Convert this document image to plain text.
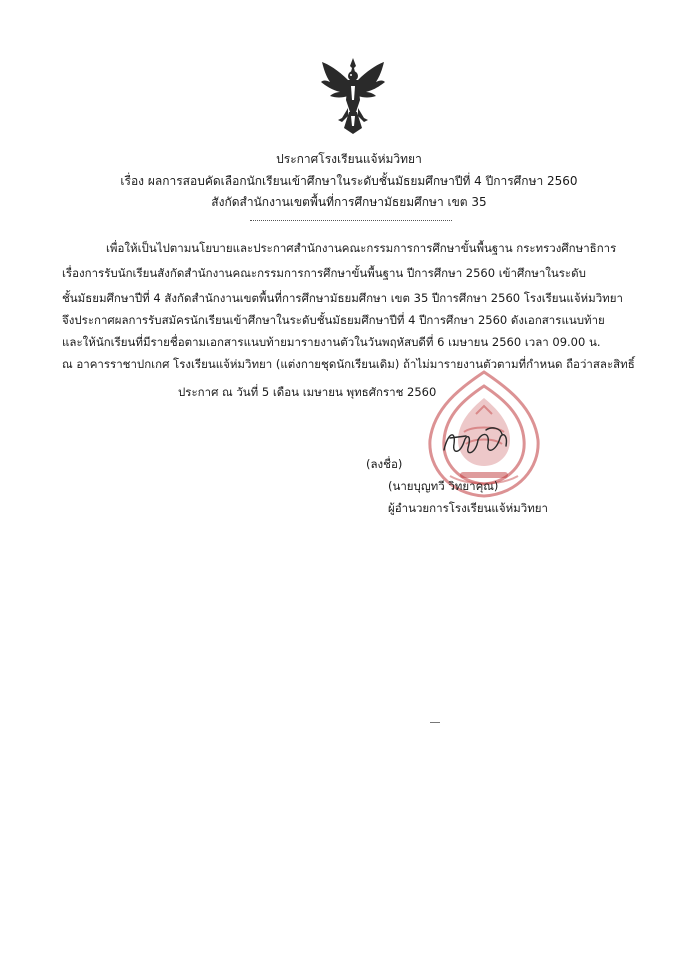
ประกาศโรงเรียนแจ้ห่มวิทยา
เรื่อง ผลการสอบคัดเลือกนักเรียนเข้าศึกษาในระดับชั้นมัธยมศึกษาปีที่ 4 ปีการศึกษา 2560
สังกัดสำนักงานเขตพื้นที่การศึกษามัธยมศึกษา เขต 35
เพื่อให้เป็นไปตามนโยบายและประกาศสำนักงานคณะกรรมการการศึกษาขั้นพื้นฐาน กระทรวงศึกษาธิการ
เรื่องการรับนักเรียนสังกัดสำนักงานคณะกรรมการการศึกษาขั้นพื้นฐาน ปีการศึกษา 2560 เข้าศึกษาในระดับ
ชั้นมัธยมศึกษาปีที่ 4 สังกัดสำนักงานเขตพื้นที่การศึกษามัธยมศึกษา เขต 35 ปีการศึกษา 2560 โรงเรียนแจ้ห่มวิทยา
จึงประกาศผลการรับสมัครนักเรียนเข้าศึกษาในระดับชั้นมัธยมศึกษาปีที่ 4 ปีการศึกษา 2560 ดังเอกสารแนบท้าย
และให้นักเรียนที่มีรายชื่อตามเอกสารแนบท้ายมารายงานตัวในวันพฤหัสบดีที่ 6 เมษายน 2560 เวลา 09.00 น.
ณ อาคารราชาปกเกศ โรงเรียนแจ้ห่มวิทยา (แต่งกายชุดนักเรียนเดิม) ถ้าไม่มารายงานตัวตามที่กำหนด ถือว่าสละสิทธิ์
ประกาศ ณ วันที่ 5 เดือน เมษายน พุทธศักราช 2560
(ลงชื่อ)
(นายบุญทวี วิทยาคุณ)
ผู้อำนวยการโรงเรียนแจ้ห่มวิทยา
